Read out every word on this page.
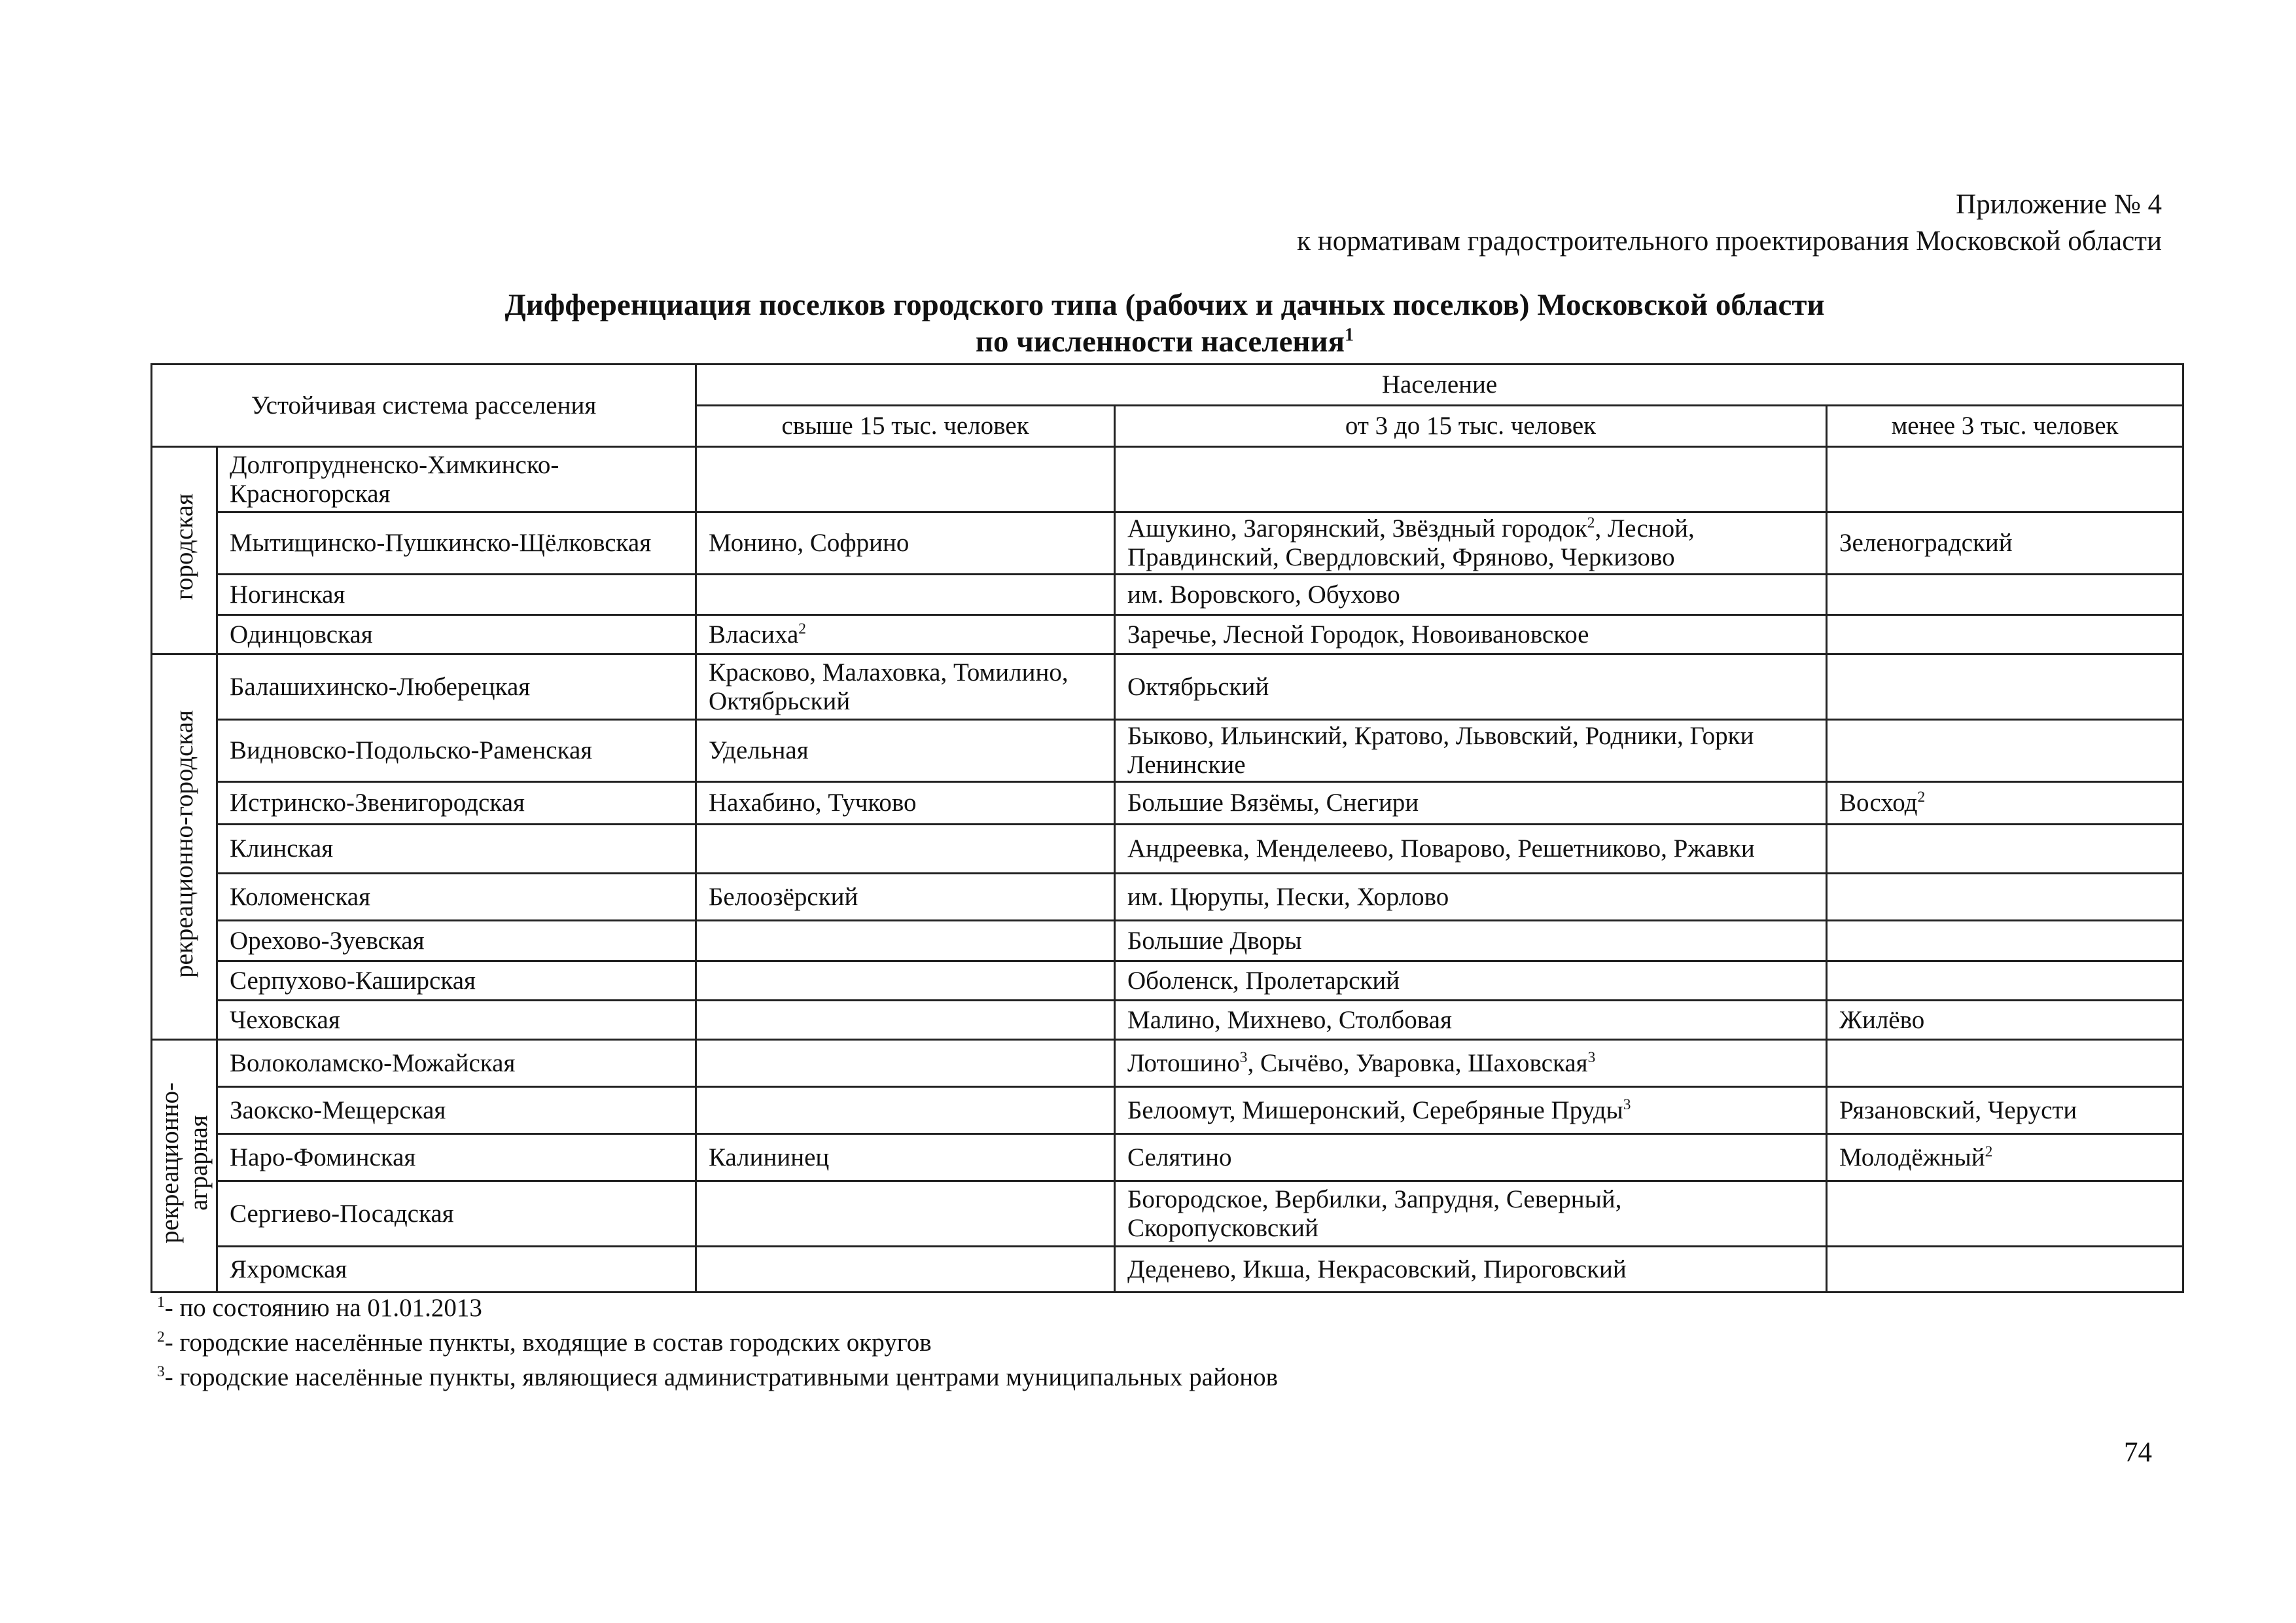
Приложение № 4
к нормативам градостроительного проектирования Московской области
Дифференциация поселков городского типа (рабочих и дачных поселков) Московской области
по численности населения$^1$
Устойчивая система расселения		Население		
		свыше 15 тыс. человек	от 3 до 15 тыс. человек	менее 3 тыс. человек
городская	Долгопрудненско-Химкинско-Красногорская			
	Мытищинско-Пушкинско-Щёлковская	Монино, Софрино	Ашукино, Загорянский, Звёздный городок$^2$, Лесной, Правдинский, Свердловский, Фряново, Черкизово	Зеленоградский
	Ногинская		им. Воровского, Обухово	
	Одинцовская	Власиха$^2$	Заречье, Лесной Городок, Новоивановское	
рекреационно-городская	Балашихинско-Люберецкая	Красково, Малаховка, Томилино, Октябрьский	Октябрьский	
	Видновско-Подольско-Раменская	Удельная	Быково, Ильинский, Кратово, Львовский, Родники, Горки Ленинские	
	Истринско-Звенигородская	Нахабино, Тучково	Большие Вязёмы, Снегири	Восход$^2$
	Клинская		Андреевка, Менделеево, Поварово, Решетниково, Ржавки	
	Коломенская	Белоозёрский	им. Цюрупы, Пески, Хорлово	
	Орехово-Зуевская		Большие Дворы	
	Серпухово-Каширская		Оболенск, Пролетарский	
	Чеховская		Малино, Михнево, Столбовая	Жилёво
рекреационно-
аграрная	Волоколамско-Можайская		Лотошино$^3$, Сычёво, Уваровка, Шаховская$^3$	
	Заокско-Мещерская		Белоомут, Мишеронский, Серебряные Пруды$^3$	Рязановский, Черусти
	Наро-Фоминская	Калининец	Селятино	Молодёжный$^2$
	Сергиево-Посадская		Богородское, Вербилки, Запрудня, Северный, Скоропусковский	
	Яхромская		Деденево, Икша, Некрасовский, Пироговский	
$^1$- по состоянию на 01.01.2013
$^2$- городские населённые пункты, входящие в состав городских округов
$^3$- городские населённые пункты, являющиеся административными центрами муниципальных районов
74
